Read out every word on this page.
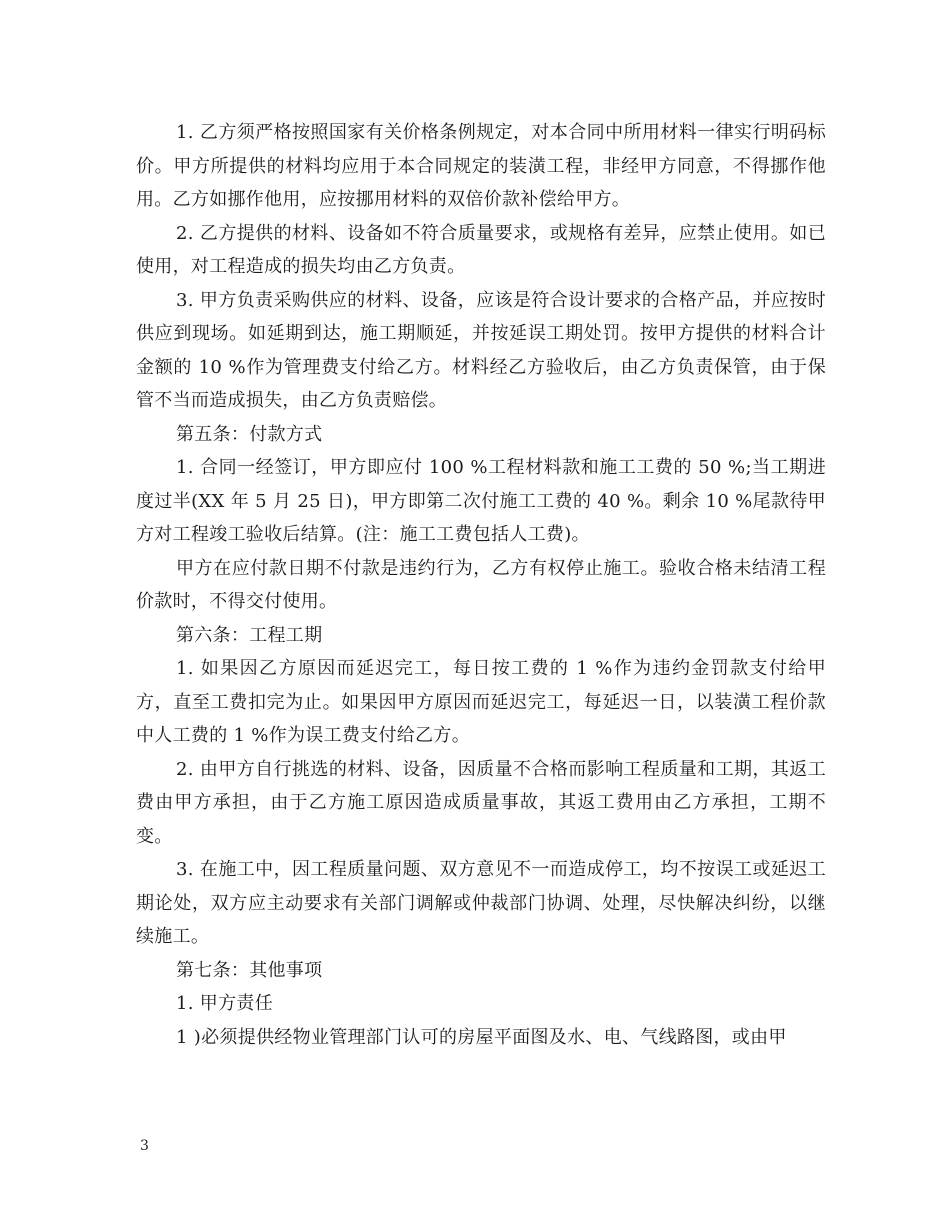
1. 乙方须严格按照国家有关价格条例规定，对本合同中所用材料一律实行明码标价。甲方所提供的材料均应用于本合同规定的装潢工程，非经甲方同意，不得挪作他用。乙方如挪作他用，应按挪用材料的双倍价款补偿给甲方。

2. 乙方提供的材料、设备如不符合质量要求，或规格有差异，应禁止使用。如已使用，对工程造成的损失均由乙方负责。

3. 甲方负责采购供应的材料、设备，应该是符合设计要求的合格产品，并应按时供应到现场。如延期到达，施工期顺延，并按延误工期处罚。按甲方提供的材料合计金额的 10 %作为管理费支付给乙方。材料经乙方验收后，由乙方负责保管，由于保管不当而造成损失，由乙方负责赔偿。

第五条：付款方式

1. 合同一经签订，甲方即应付 100 %工程材料款和施工工费的 50 %;当工期进度过半(XX 年 5 月 25 日)，甲方即第二次付施工工费的 40 %。剩余 10 %尾款待甲方对工程竣工验收后结算。(注：施工工费包括人工费)。

甲方在应付款日期不付款是违约行为，乙方有权停止施工。验收合格未结清工程价款时，不得交付使用。

第六条：工程工期

1. 如果因乙方原因而延迟完工，每日按工费的 1 %作为违约金罚款支付给甲方，直至工费扣完为止。如果因甲方原因而延迟完工，每延迟一日，以装潢工程价款中人工费的 1 %作为误工费支付给乙方。

2. 由甲方自行挑选的材料、设备，因质量不合格而影响工程质量和工期，其返工费由甲方承担，由于乙方施工原因造成质量事故，其返工费用由乙方承担，工期不变。

3. 在施工中，因工程质量问题、双方意见不一而造成停工，均不按误工或延迟工期论处，双方应主动要求有关部门调解或仲裁部门协调、处理，尽快解决纠纷，以继续施工。

第七条：其他事项

1. 甲方责任

1 )必须提供经物业管理部门认可的房屋平面图及水、电、气线路图，或由甲

3
